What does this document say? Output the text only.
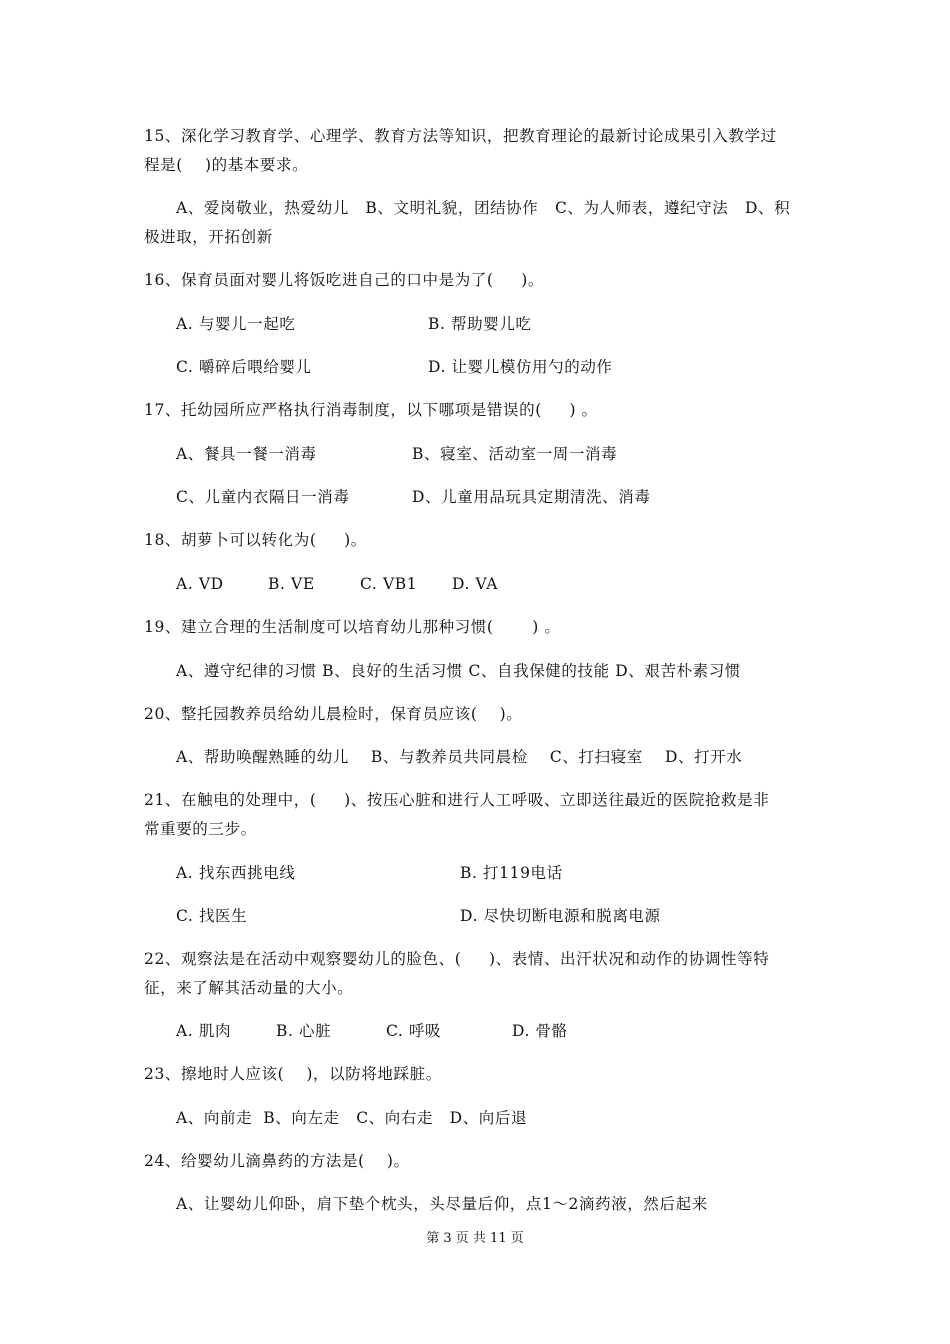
15、深化学习教育学、心理学、教育方法等知识，把教育理论的最新讨论成果引入教学过
程是(    )的基本要求。
A、爱岗敬业，热爱幼儿   B、文明礼貌，团结协作   C、为人师表，遵纪守法   D、积
极进取，开拓创新
16、保育员面对婴儿将饭吃进自己的口中是为了(     )。
A. 与婴儿一起吃	B. 帮助婴儿吃
C. 嚼碎后喂给婴儿	D. 让婴儿模仿用勺的动作
17、托幼园所应严格执行消毒制度，以下哪项是错误的(     ) 。
A、餐具一餐一消毒	B、寝室、活动室一周一消毒
C、儿童内衣隔日一消毒	D、儿童用品玩具定期清洗、消毒
18、胡萝卜可以转化为(     )。
A. VD	B. VE	C. VB1 D. VA
19、建立合理的生活制度可以培育幼儿那种习惯(       ) 。
A、遵守纪律的习惯 B、良好的生活习惯 C、自我保健的技能 D、艰苦朴素习惯
20、整托园教养员给幼儿晨检时，保育员应该(    )。
A、帮助唤醒熟睡的幼儿    B、与教养员共同晨检    C、打扫寝室    D、打开水
21、在触电的处理中，(     )、按压心脏和进行人工呼吸、立即送往最近的医院抢救是非
常重要的三步。
A. 找东西挑电线	B. 打119电话
C. 找医生	D. 尽快切断电源和脱离电源
22、观察法是在活动中观察婴幼儿的脸色、(     )、表情、出汗状况和动作的协调性等特
征，来了解其活动量的大小。
A. 肌肉	B. 心脏	C. 呼吸	D. 骨骼
23、擦地时人应该(    )，以防将地踩脏。
A、向前走  B、向左走   C、向右走   D、向后退
24、给婴幼儿滴鼻药的方法是(    )。
A、让婴幼儿仰卧，肩下垫个枕头，头尽量后仰，点1～2滴药液，然后起来
第 3 页 共 11 页
